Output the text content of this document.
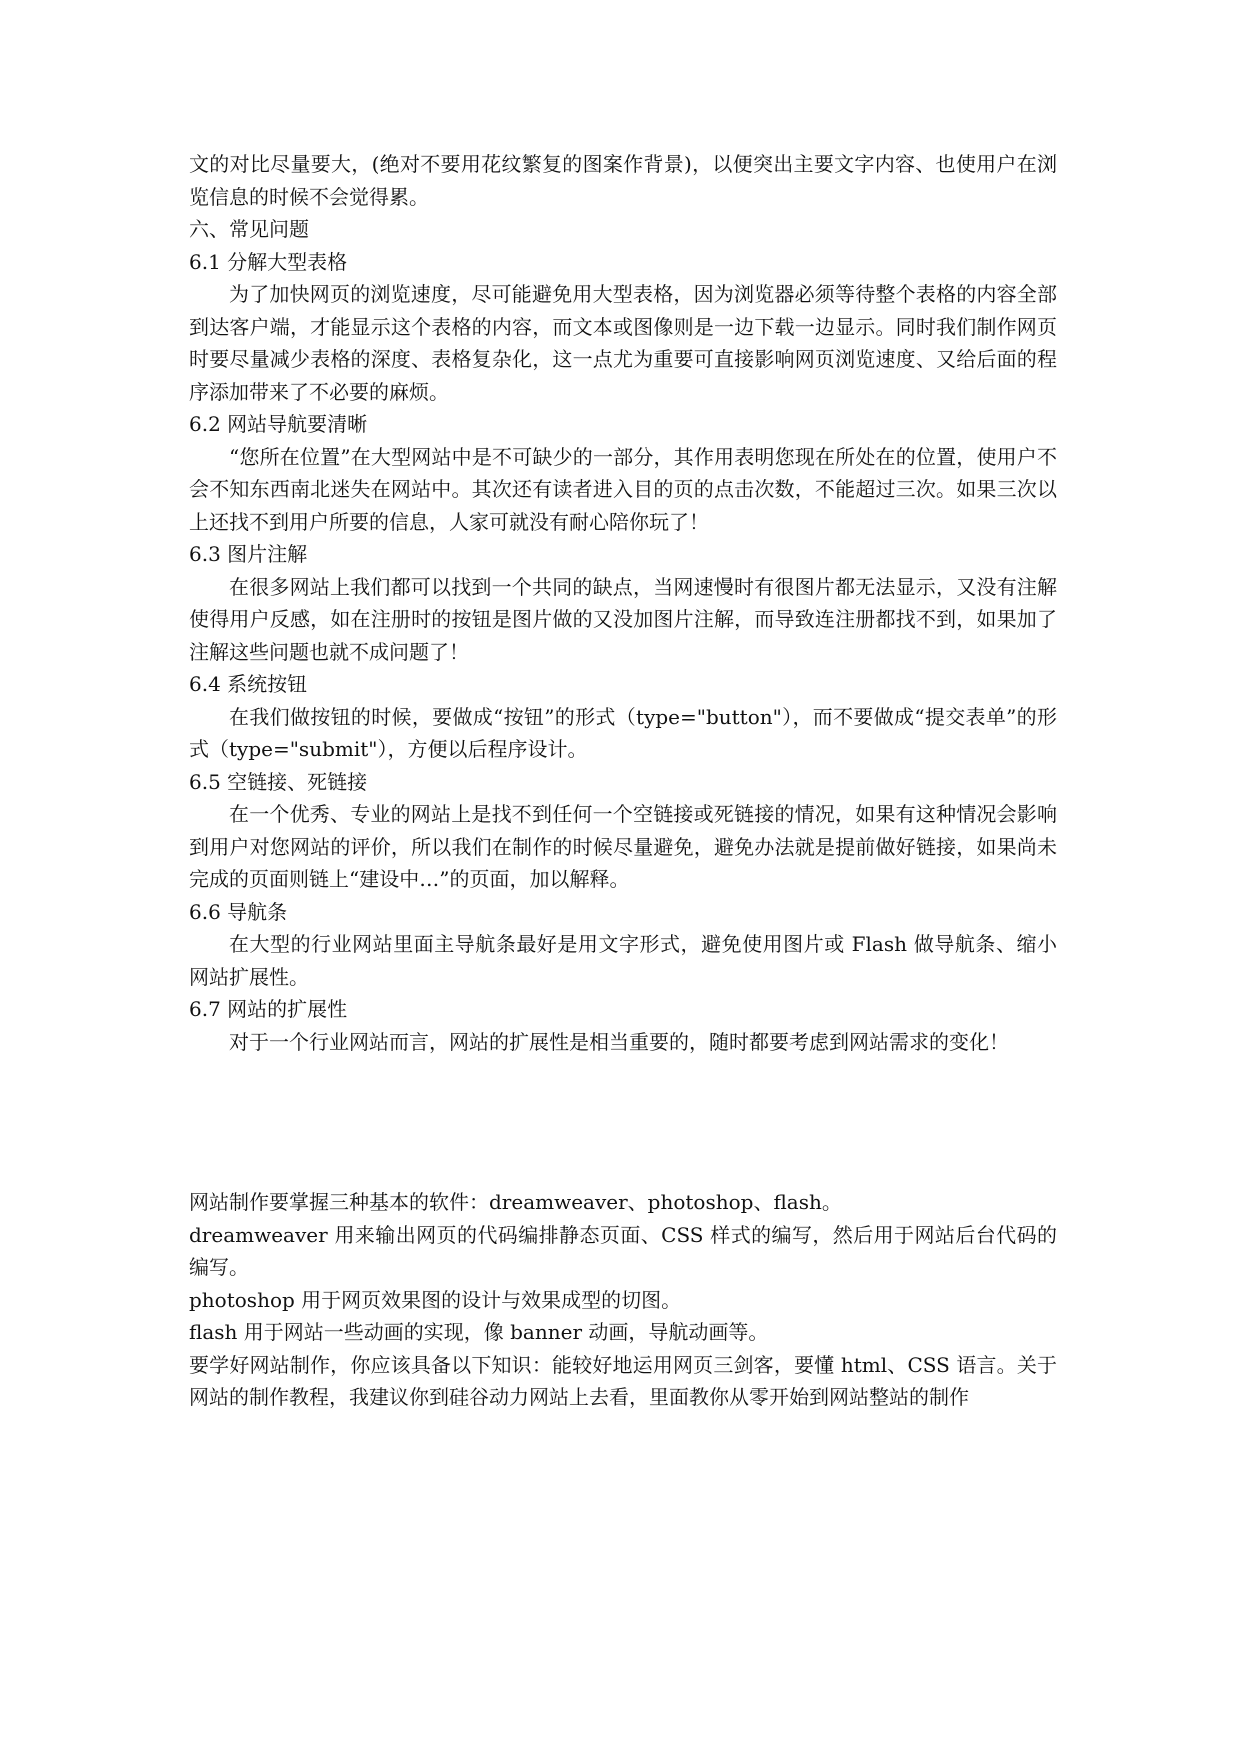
文的对比尽量要大，(绝对不要用花纹繁复的图案作背景)，以便突出主要文字内容、也使用户在浏览信息的时候不会觉得累。

六、常见问题

6.1 分解大型表格

为了加快网页的浏览速度，尽可能避免用大型表格，因为浏览器必须等待整个表格的内容全部到达客户端，才能显示这个表格的内容，而文本或图像则是一边下载一边显示。同时我们制作网页时要尽量减少表格的深度、表格复杂化，这一点尤为重要可直接影响网页浏览速度、又给后面的程序添加带来了不必要的麻烦。

6.2 网站导航要清晰

“您所在位置”在大型网站中是不可缺少的一部分，其作用表明您现在所处在的位置，使用户不会不知东西南北迷失在网站中。其次还有读者进入目的页的点击次数，不能超过三次。如果三次以上还找不到用户所要的信息，人家可就没有耐心陪你玩了！

6.3 图片注解

在很多网站上我们都可以找到一个共同的缺点，当网速慢时有很图片都无法显示，又没有注解使得用户反感，如在注册时的按钮是图片做的又没加图片注解，而导致连注册都找不到，如果加了注解这些问题也就不成问题了！

6.4 系统按钮

在我们做按钮的时候，要做成“按钮”的形式（type="button"），而不要做成“提交表单”的形式（type="submit"），方便以后程序设计。

6.5 空链接、死链接

在一个优秀、专业的网站上是找不到任何一个空链接或死链接的情况，如果有这种情况会影响到用户对您网站的评价，所以我们在制作的时候尽量避免，避免办法就是提前做好链接，如果尚未完成的页面则链上“建设中…”的页面，加以解释。

6.6 导航条

在大型的行业网站里面主导航条最好是用文字形式，避免使用图片或 Flash 做导航条、缩小网站扩展性。

6.7 网站的扩展性

对于一个行业网站而言，网站的扩展性是相当重要的，随时都要考虑到网站需求的变化！

网站制作要掌握三种基本的软件：dreamweaver、photoshop、flash。

dreamweaver 用来输出网页的代码编排静态页面、CSS 样式的编写，然后用于网站后台代码的编写。

photoshop 用于网页效果图的设计与效果成型的切图。

flash 用于网站一些动画的实现，像 banner 动画，导航动画等。

要学好网站制作，你应该具备以下知识：能较好地运用网页三剑客，要懂 html、CSS 语言。关于网站的制作教程，我建议你到硅谷动力网站上去看，里面教你从零开始到网站整站的制作
